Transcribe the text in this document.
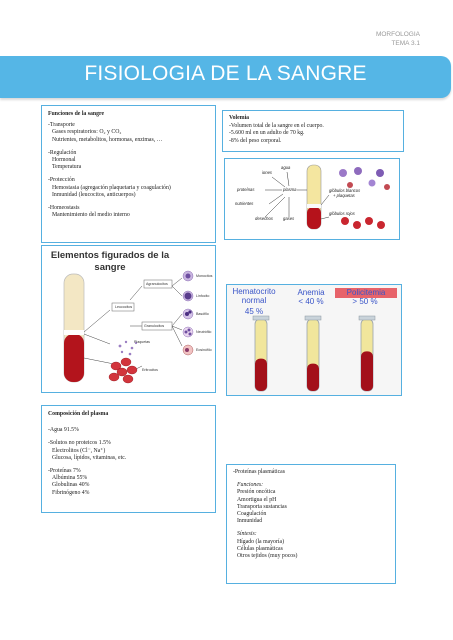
MORFOLOGIA
TEMA 3.1
FISIOLOGIA DE LA SANGRE
Funciones de la sangre
-Transporte
Gases respiratorios: O₂ y CO₂
Nutrientes, metabolitos, hormonas, enzimas, …
-Regulación
Hormonal
Temperatura
-Protección
Hemostasia (agregación plaquetaria y coagulación)
Inmunidad (leucocitos, anticuerpos)
-Homeostasis
Mantenimiento del medio interno
Volemia
-Volumen total de la sangre en el cuerpo.
-5.600 ml en un adulto de 70 kg.
-8% del peso corporal.
iones
agua
proteínas	plasma
nutrientes
desechos gases
glóbulos blancos
+ plaquetas
glóbulos rojos
Elementos figurados de la sangre
Agranulocitos
Leucocitos
Granulocitos
Plaquetas
Eritrocitos
Monocitos
Linfocito
Basófilo
Neutrófilo
Eosinófilo
Hematocrito normal
45 %
Anemia
< 40 %
Policitemia
> 50 %
Composición del plasma
-Agua 91.5%
-Solutos no proteicos 1.5%
Electrolitos (Cl⁻, Na⁺)
Glucosa, lípidos, vitaminas, etc.
-Proteínas 7%
Albúmina 55%
Globulinas 40%
Fibrinógeno 4%
-Proteínas plasmáticas
Funciones:
Presión oncótica
Amortigua el pH
Transporta sustancias
Coagulación
Inmunidad
Síntesis:
Hígado (la mayoría)
Células plasmáticas
Otros tejidos (muy pocos)
